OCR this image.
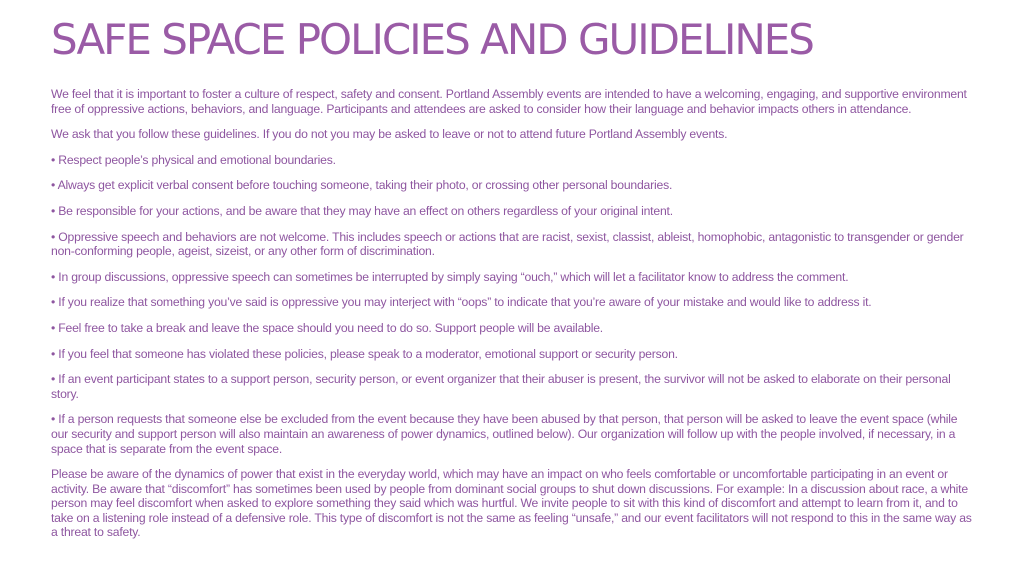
SAFE SPACE POLICIES AND GUIDELINES

We feel that it is important to foster a culture of respect, safety and consent. Portland Assembly events are intended to have a welcoming, engaging, and supportive environment free of oppressive actions, behaviors, and language. Participants and attendees are asked to consider how their language and behavior impacts others in attendance.

We ask that you follow these guidelines. If you do not you may be asked to leave or not to attend future Portland Assembly events.

• Respect people’s physical and emotional boundaries.

• Always get explicit verbal consent before touching someone, taking their photo, or crossing other personal boundaries.

• Be responsible for your actions, and be aware that they may have an effect on others regardless of your original intent.

• Oppressive speech and behaviors are not welcome. This includes speech or actions that are racist, sexist, classist, ableist, homophobic, antagonistic to transgender or gender non-conforming people, ageist, sizeist, or any other form of discrimination.

• In group discussions, oppressive speech can sometimes be interrupted by simply saying “ouch,” which will let a facilitator know to address the comment.

• If you realize that something you’ve said is oppressive you may interject with “oops” to indicate that you’re aware of your mistake and would like to address it.

• Feel free to take a break and leave the space should you need to do so. Support people will be available.

• If you feel that someone has violated these policies, please speak to a moderator, emotional support or security person.

• If an event participant states to a support person, security person, or event organizer that their abuser is present, the survivor will not be asked to elaborate on their personal story.

• If a person requests that someone else be excluded from the event because they have been abused by that person, that person will be asked to leave the event space (while our security and support person will also maintain an awareness of power dynamics, outlined below). Our organization will follow up with the people involved, if necessary, in a space that is separate from the event space.

Please be aware of the dynamics of power that exist in the everyday world, which may have an impact on who feels comfortable or uncomfortable participating in an event or activity. Be aware that “discomfort” has sometimes been used by people from dominant social groups to shut down discussions. For example: In a discussion about race, a white person may feel discomfort when asked to explore something they said which was hurtful. We invite people to sit with this kind of discomfort and attempt to learn from it, and to take on a listening role instead of a defensive role. This type of discomfort is not the same as feeling “unsafe,” and our event facilitators will not respond to this in the same way as a threat to safety.
